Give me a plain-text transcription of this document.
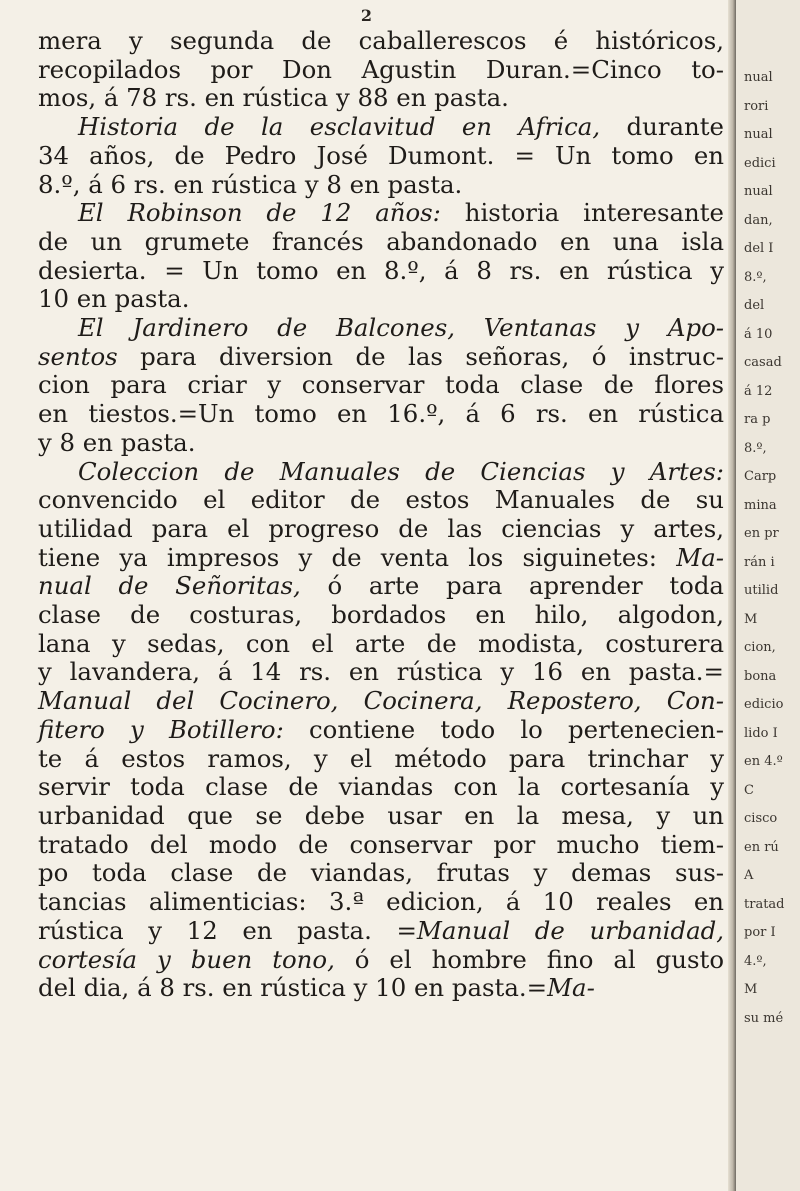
2
mera y segunda de caballerescos é históricos,
recopilados por Don Agustin Duran.=Cinco to-
mos, á 78 rs. en rústica y 88 en pasta.
Historia de la esclavitud en Africa, durante
34 años, de Pedro José Dumont. = Un tomo en
8.º, á 6 rs. en rústica y 8 en pasta.
El Robinson de 12 años: historia interesante
de un grumete francés abandonado en una isla
desierta. = Un tomo en 8.º, á 8 rs. en rústica y
10 en pasta.
El Jardinero de Balcones, Ventanas y Apo-
sentos para diversion de las señoras, ó instruc-
cion para criar y conservar toda clase de flores
en tiestos.=Un tomo en 16.º, á 6 rs. en rústica
y 8 en pasta.
Coleccion de Manuales de Ciencias y Artes:
convencido el editor de estos Manuales de su
utilidad para el progreso de las ciencias y artes,
tiene ya impresos y de venta los siguinetes: Ma-
nual de Señoritas, ó arte para aprender toda
clase de costuras, bordados en hilo, algodon,
lana y sedas, con el arte de modista, costurera
y lavandera, á 14 rs. en rústica y 16 en pasta.=
Manual del Cocinero, Cocinera, Repostero, Con-
fitero y Botillero: contiene todo lo pertenecien-
te á estos ramos, y el método para trinchar y
servir toda clase de viandas con la cortesanía y
urbanidad que se debe usar en la mesa, y un
tratado del modo de conservar por mucho tiem-
po toda clase de viandas, frutas y demas sus-
tancias alimenticias: 3.ª edicion, á 10 reales en
rústica y 12 en pasta. =Manual de urbanidad,
cortesía y buen tono, ó el hombre fino al gusto
del dia, á 8 rs. en rústica y 10 en pasta.=Ma-
nual
rori
nual
edici
nual
dan,
del I
8.º,
del
á 10
casad
á 12
ra p
8.º,
Carp
mina
en pr
rán i
utilid
M
cion,
bona
edicio
lido I
en 4.º
C
cisco
en rú
A
tratad
por I
4.º,
M
su mé
